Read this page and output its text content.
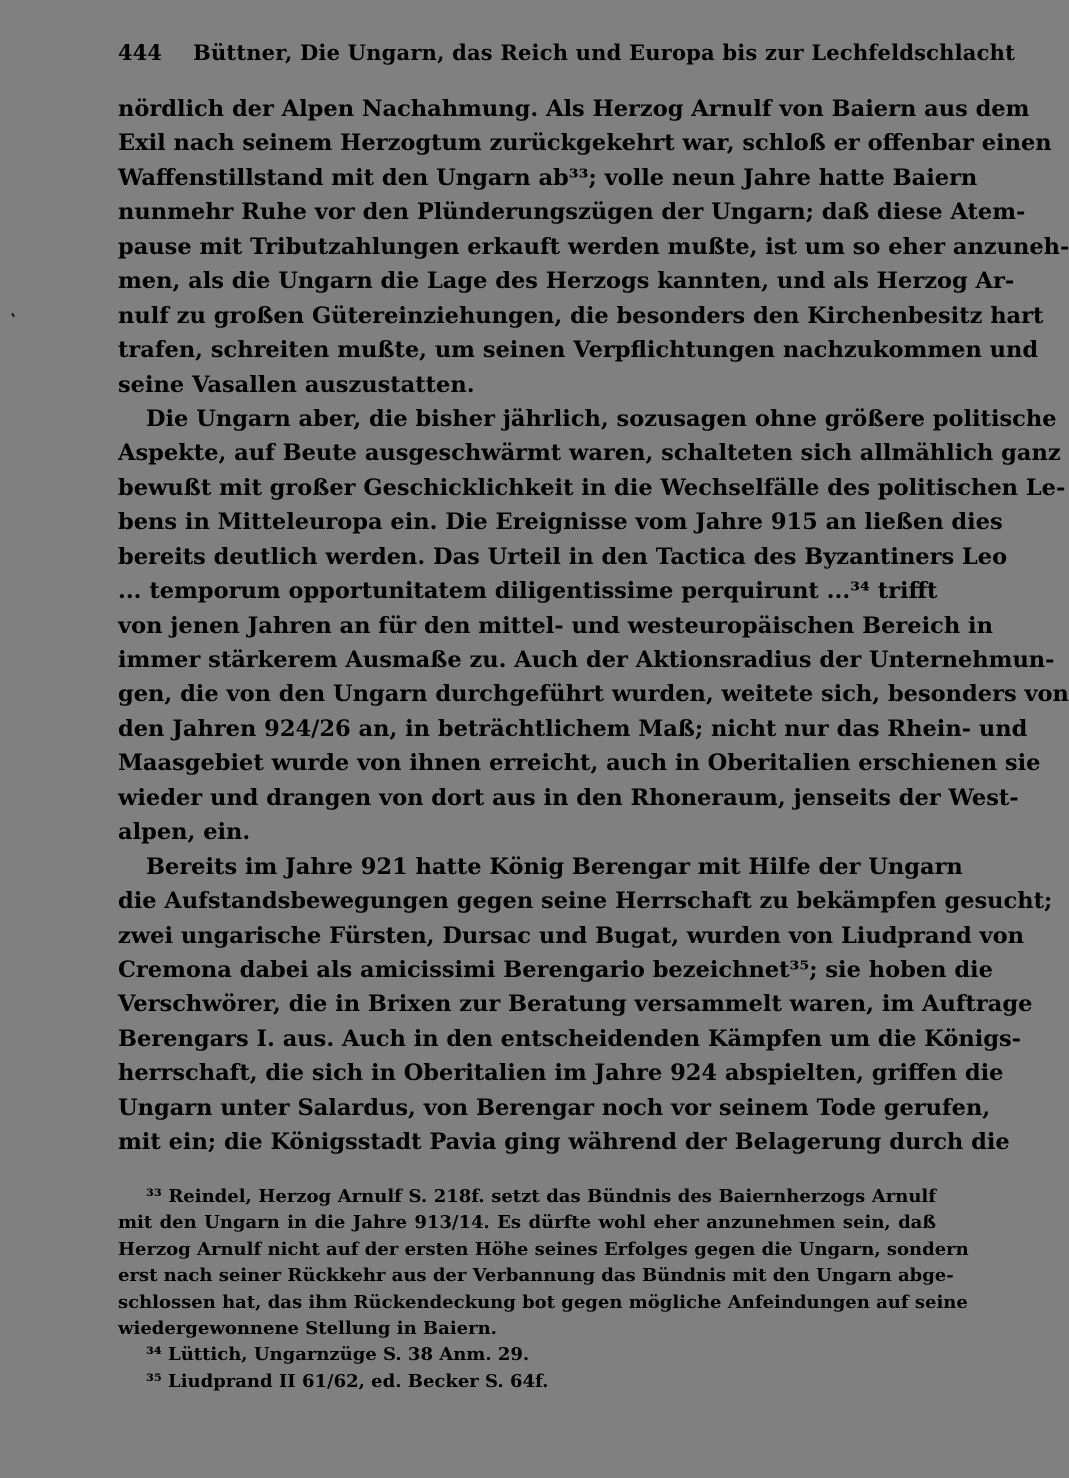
444 Büttner, Die Ungarn, das Reich und Europa bis zur Lechfeldschlacht

nördlich der Alpen Nachahmung. Als Herzog Arnulf von Baiern aus dem
Exil nach seinem Herzogtum zurückgekehrt war, schloß er offenbar einen
Waffenstillstand mit den Ungarn ab³³; volle neun Jahre hatte Baiern
nunmehr Ruhe vor den Plünderungszügen der Ungarn; daß diese Atem-
pause mit Tributzahlungen erkauft werden mußte, ist um so eher anzuneh-
men, als die Ungarn die Lage des Herzogs kannten, und als Herzog Ar-
nulf zu großen Gütereinziehungen, die besonders den Kirchenbesitz hart
trafen, schreiten mußte, um seinen Verpflichtungen nachzukommen und
seine Vasallen auszustatten.

Die Ungarn aber, die bisher jährlich, sozusagen ohne größere politische
Aspekte, auf Beute ausgeschwärmt waren, schalteten sich allmählich ganz
bewußt mit großer Geschicklichkeit in die Wechselfälle des politischen Le-
bens in Mitteleuropa ein. Die Ereignisse vom Jahre 915 an ließen dies
bereits deutlich werden. Das Urteil in den Tactica des Byzantiners Leo
... temporum opportunitatem diligentissime perquirunt ...³⁴ trifft
von jenen Jahren an für den mittel- und westeuropäischen Bereich in
immer stärkerem Ausmaße zu. Auch der Aktionsradius der Unternehmun-
gen, die von den Ungarn durchgeführt wurden, weitete sich, besonders von
den Jahren 924/26 an, in beträchtlichem Maß; nicht nur das Rhein- und
Maasgebiet wurde von ihnen erreicht, auch in Oberitalien erschienen sie
wieder und drangen von dort aus in den Rhoneraum, jenseits der West-
alpen, ein.

Bereits im Jahre 921 hatte König Berengar mit Hilfe der Ungarn
die Aufstandsbewegungen gegen seine Herrschaft zu bekämpfen gesucht;
zwei ungarische Fürsten, Dursac und Bugat, wurden von Liudprand von
Cremona dabei als amicissimi Berengario bezeichnet³⁵; sie hoben die
Verschwörer, die in Brixen zur Beratung versammelt waren, im Auftrage
Berengars I. aus. Auch in den entscheidenden Kämpfen um die Königs-
herrschaft, die sich in Oberitalien im Jahre 924 abspielten, griffen die
Ungarn unter Salardus, von Berengar noch vor seinem Tode gerufen,
mit ein; die Königsstadt Pavia ging während der Belagerung durch die

³³ Reindel, Herzog Arnulf S. 218f. setzt das Bündnis des Baiernherzogs Arnulf
mit den Ungarn in die Jahre 913/14. Es dürfte wohl eher anzunehmen sein, daß
Herzog Arnulf nicht auf der ersten Höhe seines Erfolges gegen die Ungarn, sondern
erst nach seiner Rückkehr aus der Verbannung das Bündnis mit den Ungarn abge-
schlossen hat, das ihm Rückendeckung bot gegen mögliche Anfeindungen auf seine
wiedergewonnene Stellung in Baiern.
³⁴ Lüttich, Ungarnzüge S. 38 Anm. 29.
³⁵ Liudprand II 61/62, ed. Becker S. 64f.
